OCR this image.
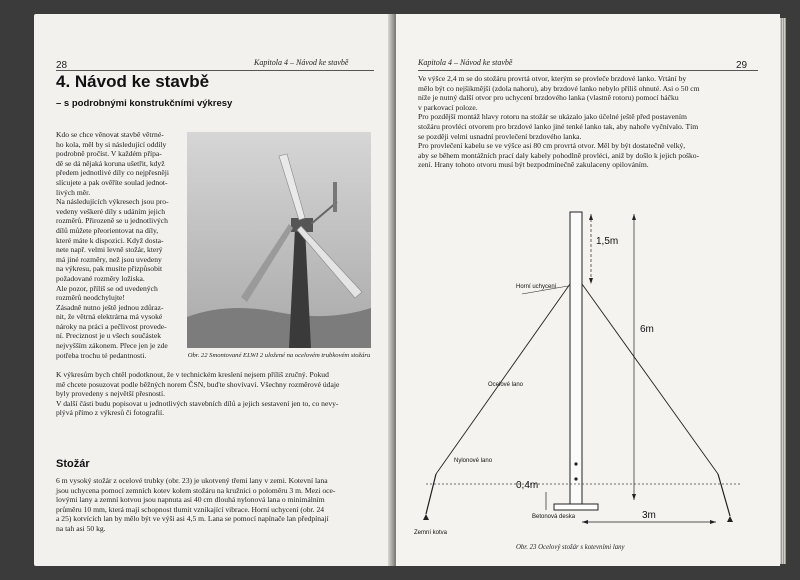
28	Kapitola 4 – Návod ke stavbě
4. Návod ke stavbě
– s podrobnými konstrukčními výkresy

Kdo se chce věnovat stavbě větrné-

ho kola, měl by si následující oddíly

podrobně pročíst. V každém přípa-

dě se dá nějaká koruna ušetřit, když

předem jednotlivé díly co nejpřesněji

slícujete a pak ověříte soulad jednot-

livých měr.

Na následujících výkresech jsou pro-

vedeny veškeré díly s udáním jejich

rozměrů. Přirozeně se u jednotlivých

dílů můžete přeorientovat na díly,

které máte k dispozici. Když dosta-

nete např. velmi levně stožár, který

má jiné rozměry, než jsou uvedeny

na výkresu, pak musíte přizpůsobit

požadované rozměry ložiska.

Ale pozor, příliš se od uvedených

rozměrů neodchylujte!

Zásadně nutno ještě jednou zdůraz-

nit, že větrná elektrárna má vysoké

nároky na práci a pečlivost provede-

ní. Preciznost je u všech součástek

nejvyšším zákonem. Přece jen je zde

potřeba trochu té pedantnosti.	Obr. 22 Smontované ELWI 2 uložené na ocelovém trubkovém stožáru

K výkresům bych chtěl podotknout, že v technickém kreslení nejsem příliš zručný. Pokud

mě chcete posuzovat podle běžných norem ČSN, buďte shovívaví. Všechny rozměrové údaje

byly provedeny s největší přesností.

V další části budu popisovat u jednotlivých stavebních dílů a jejich sestavení jen to, co nevy-

plývá přímo z výkresů či fotografií.

Stožár

6 m vysoký stožár z ocelové trubky (obr. 23) je ukotvený třemi lany v zemi. Kotevní lana

jsou uchycena pomocí zemních kotev kolem stožáru na kružnici o poloměru 3 m. Mezi oce-

lovými lany a zemní kotvou jsou napnuta asi 40 cm dlouhá nylonová lana o minimálním

průměru 10 mm, která mají schopnost tlumit vznikající vibrace. Horní uchycení (obr. 24

a 25) kotvících lan by mělo být ve výši asi 4,5 m. Lana se pomocí napínače lan předpínají

na tah asi 50 kg.

Kapitola 4 – Návod ke stavbě	29

Ve výšce 2,4 m se do stožáru provrtá otvor, kterým se provleče brzdové lanko. Vrtání by

mělo být co nejšikmější (zdola nahoru), aby brzdové lanko nebylo příliš ohnuté. Asi o 50 cm

níže je nutný další otvor pro uchycení brzdového lanka (vlastně rotoru) pomocí háčku

v parkovací poloze.

Pro pozdější montáž hlavy rotoru na stožár se ukázalo jako účelné ještě před postavením

stožáru provléci otvorem pro brzdové lanko jiné tenké lanko tak, aby nahoře vyčnívalo. Tím

se později velmi usnadní provlečení brzdového lanka.

Pro provlečení kabelu se ve výšce asi 80 cm provrtá otvor. Měl by být dostatečně velký,

aby se během montážních prací daly kabely pohodlně provléci, aniž by došlo k jejich poško-

zení. Hrany tohoto otvoru musí být bezpodmínečně zakulaceny opilováním.

Horní uchycení
Ocelové lano
Nylonové lano
Zemní kotva
Betonová deska
1,5m
6m
0,4m
3m
Obr. 23 Ocelový stožár s kotevními lany
